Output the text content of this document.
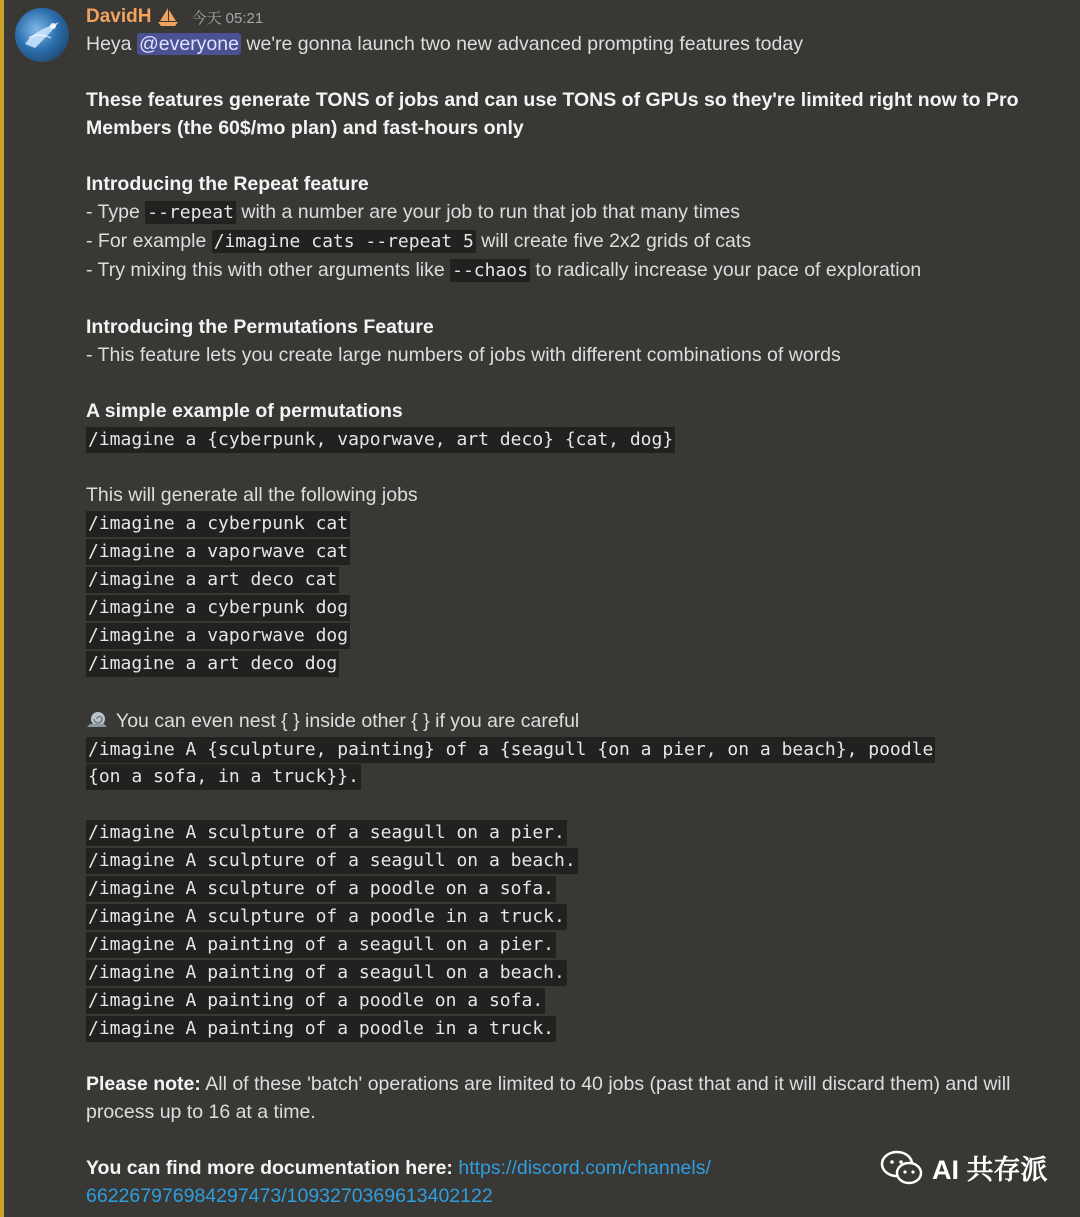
DavidH	今天 05:21

Heya @everyone we're gonna launch two new advanced prompting features today

These features generate TONS of jobs and can use TONS of GPUs so they're limited right now to Pro Members (the 60$/mo plan) and fast-hours only

Introducing the Repeat feature

- Type --repeat with a number are your job to run that job that many times

- For example /imagine cats --repeat 5 will create five 2x2 grids of cats

- Try mixing this with other arguments like --chaos to radically increase your pace of exploration

Introducing the Permutations Feature

- This feature lets you create large numbers of jobs with different combinations of words

A simple example of permutations

/imagine a {cyberpunk, vaporwave, art deco} {cat, dog}

This will generate all the following jobs

/imagine a cyberpunk cat
/imagine a vaporwave cat
/imagine a art deco cat
/imagine a cyberpunk dog
/imagine a vaporwave dog
/imagine a art deco dog

You can even nest { } inside other { } if you are careful

/imagine A {sculpture, painting} of a {seagull {on a pier, on a beach}, poodle
{on a sofa, in a truck}}.
/imagine A sculpture of a seagull on a pier.
/imagine A sculpture of a seagull on a beach.
/imagine A sculpture of a poodle on a sofa.
/imagine A sculpture of a poodle in a truck.
/imagine A painting of a seagull on a pier.
/imagine A painting of a seagull on a beach.
/imagine A painting of a poodle on a sofa.
/imagine A painting of a poodle in a truck.

Please note: All of these 'batch' operations are limited to 40 jobs (past that and it will discard them) and will process up to 16 at a time.

You can find more documentation here: https://discord.com/channels/
662267976984297473/1093270369613402122

AI 共存派
